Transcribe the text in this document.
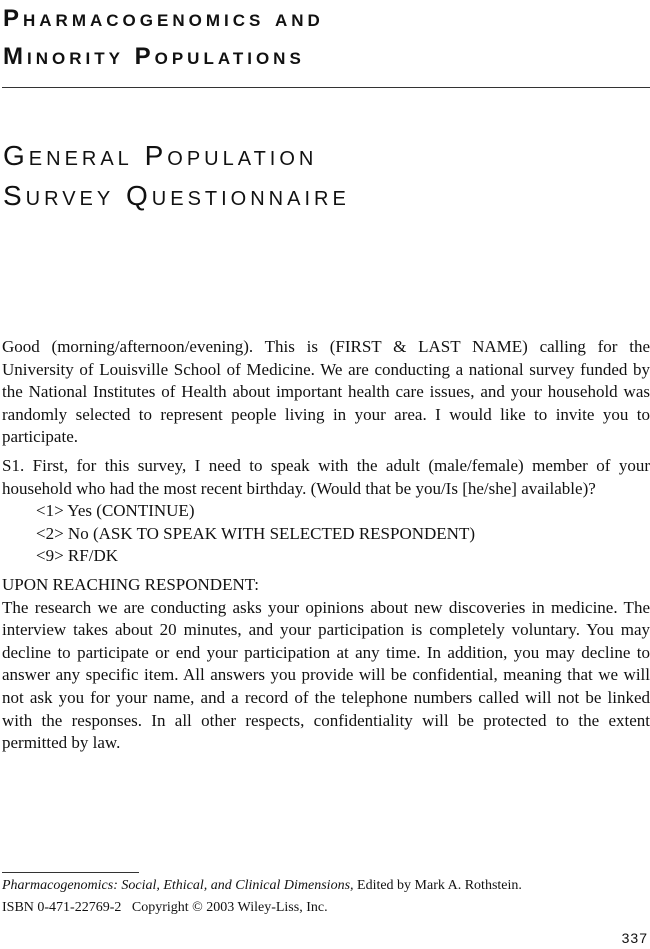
Pharmacogenomics and
Minority Populations
General Population
Survey Questionnaire

Good (morning/afternoon/evening). This is (FIRST & LAST NAME) calling for the University of Louisville School of Medicine. We are conducting a national survey funded by the National Institutes of Health about important health care issues, and your household was randomly selected to represent people living in your area. I would like to invite you to participate.

S1. First, for this survey, I need to speak with the adult (male/female) member of your household who had the most recent birthday. (Would that be you/Is [he/she] available)?

<1> Yes (CONTINUE)

<2> No (ASK TO SPEAK WITH SELECTED RESPONDENT)

<9> RF/DK

UPON REACHING RESPONDENT:

The research we are conducting asks your opinions about new discoveries in medicine. The interview takes about 20 minutes, and your participation is completely voluntary. You may decline to participate or end your participation at any time. In addition, you may decline to answer any specific item. All answers you provide will be confidential, meaning that we will not ask you for your name, and a record of the telephone numbers called will not be linked with the responses. In all other respects, confidentiality will be protected to the extent permitted by law.

Pharmacogenomics: Social, Ethical, and Clinical Dimensions, Edited by Mark A. Rothstein.

ISBN 0-471-22769-2 Copyright © 2003 Wiley-Liss, Inc.

337
